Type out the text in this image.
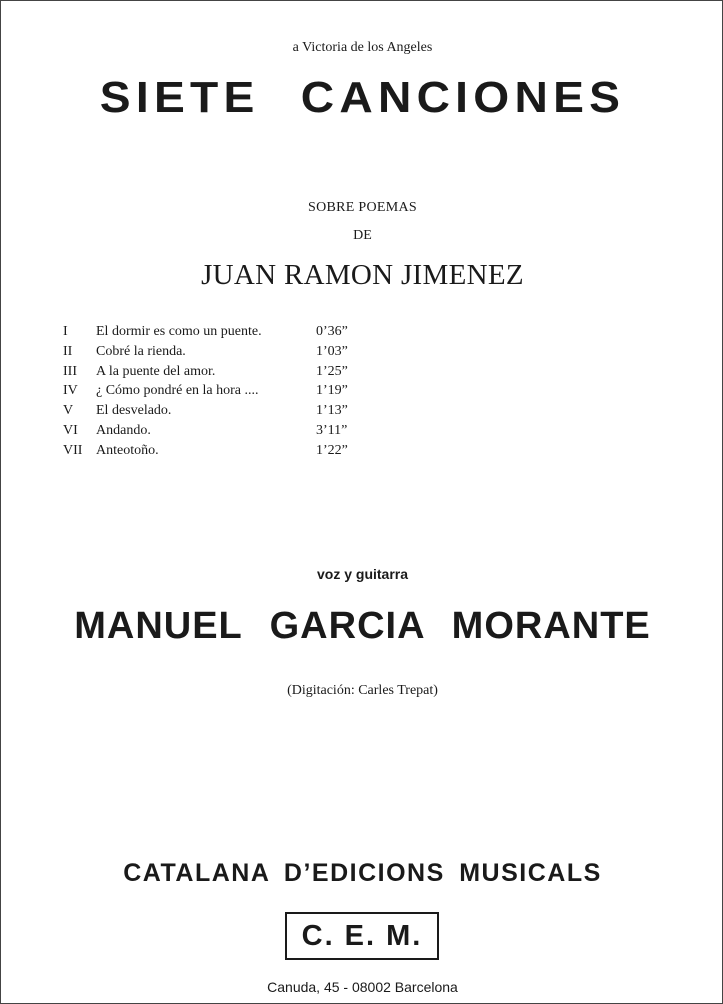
a Victoria de los Angeles
SIETE CANCIONES
SOBRE POEMAS
DE
JUAN RAMON JIMENEZ
I El dormir es como un puente.	0’36”
II Cobré la rienda.	1’03”
III A la puente del amor.	1’25”
IV ¿ Cómo pondré en la hora ....	1’19”
V El desvelado.	1’13”
VI Andando.	3’11”
VII Anteotoño.	1’22”
voz y guitarra
MANUEL GARCIA MORANTE
(Digitación: Carles Trepat)
CATALANA D’EDICIONS MUSICALS
C. E. M.
Canuda, 45 - 08002 Barcelona
